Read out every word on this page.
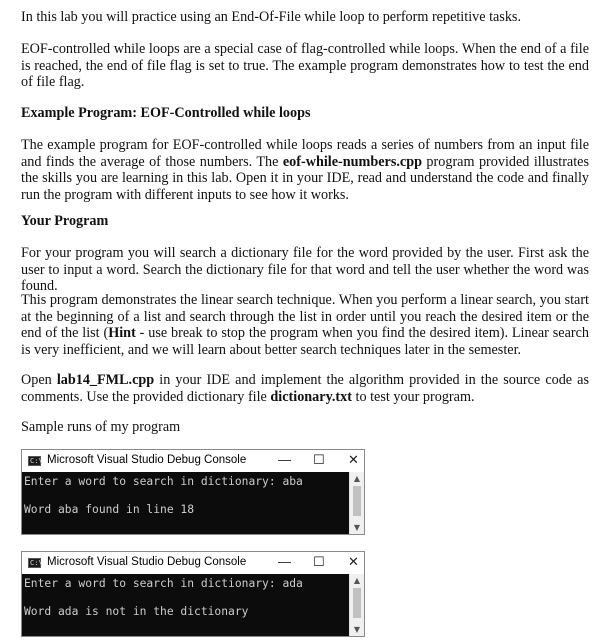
In this lab you will practice using an End-Of-File while loop to perform repetitive tasks.

EOF-controlled while loops are a special case of flag-controlled while loops. When the end of a file is reached, the end of file flag is set to true. The example program demonstrates how to test the end of file flag.

Example Program: EOF-Controlled while loops

The example program for EOF-controlled while loops reads a series of numbers from an input file and finds the average of those numbers. The eof-while-numbers.cpp program provided illustrates the skills you are learning in this lab. Open it in your IDE, read and understand the code and finally run the program with different inputs to see how it works.

Your Program

For your program you will search a dictionary file for the word provided by the user. First ask the user to input a word. Search the dictionary file for that word and tell the user whether the word was found.

This program demonstrates the linear search technique. When you perform a linear search, you start at the beginning of a list and search through the list in order until you reach the desired item or the end of the list (Hint - use break to stop the program when you find the desired item). Linear search is very inefficient, and we will learn about better search techniques later in the semester.

Open lab14_FML.cpp in your IDE and implement the algorithm provided in the source code as comments. Use the provided dictionary file dictionary.txt to test your program.

Sample runs of my program

C:\ Microsoft Visual Studio Debug Console — ☐ ✕
Enter a word to search in dictionary: aba
Word aba found in line 18
▲
▼
C:\ Microsoft Visual Studio Debug Console — ☐ ✕
Enter a word to search in dictionary: ada
Word ada is not in the dictionary
▲
▼
